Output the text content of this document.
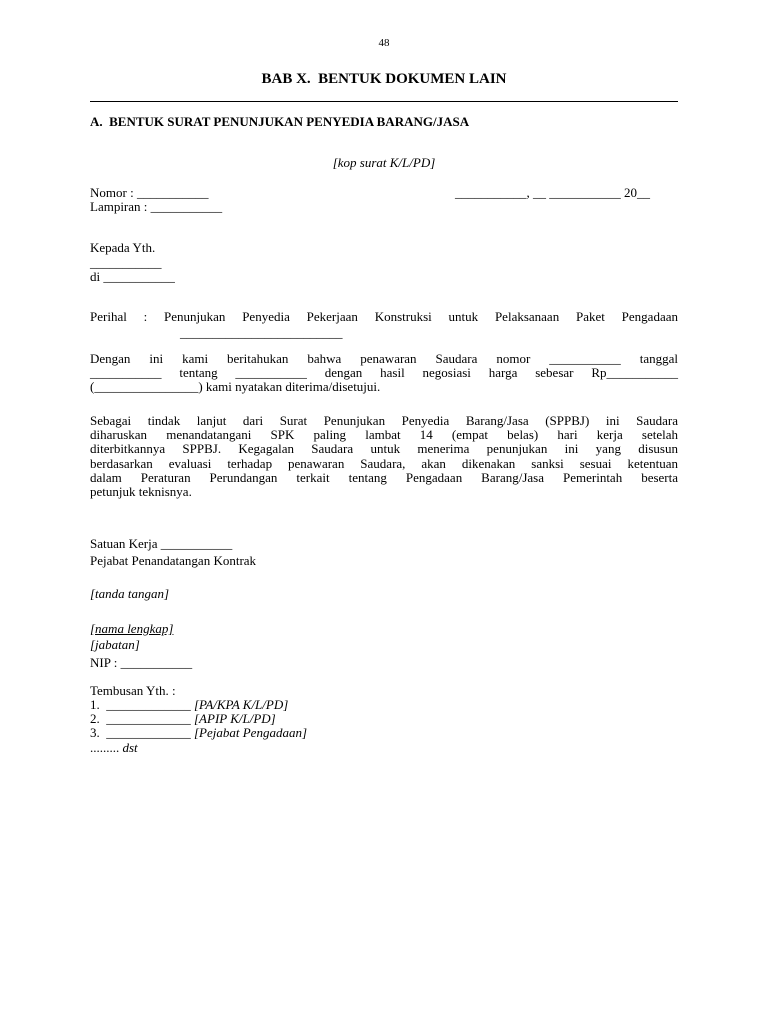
48
BAB X.  BENTUK DOKUMEN LAIN
A.  BENTUK SURAT PENUNJUKAN PENYEDIA BARANG/JASA
[kop surat K/L/PD]
Nomor : ___________	___________, __ ___________ 20__
Lampiran : ___________
Kepada Yth.
___________
di ___________
Perihal : Penunjukan Penyedia Pekerjaan Konstruksi untuk Pelaksanaan Paket Pengadaan
_________________________
Dengan ini kami beritahukan bahwa penawaran Saudara nomor ___________ tanggal
___________ tentang ___________ dengan hasil negosiasi harga sebesar Rp___________
(________________) kami nyatakan diterima/disetujui.
Sebagai tindak lanjut dari Surat Penunjukan Penyedia Barang/Jasa (SPPBJ) ini Saudara
diharuskan menandatangani SPK paling lambat 14 (empat belas) hari kerja setelah
diterbitkannya SPPBJ. Kegagalan Saudara untuk menerima penunjukan ini yang disusun
berdasarkan evaluasi terhadap penawaran Saudara, akan dikenakan sanksi sesuai ketentuan
dalam Peraturan Perundangan terkait tentang Pengadaan Barang/Jasa Pemerintah beserta
petunjuk teknisnya.
Satuan Kerja ___________
Pejabat Penandatangan Kontrak
[tanda tangan]
[nama lengkap]
[jabatan]
NIP : ___________
Tembusan Yth. :
1. _____________ [PA/KPA K/L/PD]
2. _____________ [APIP K/L/PD]
3. _____________ [Pejabat Pengadaan]
......... dst
